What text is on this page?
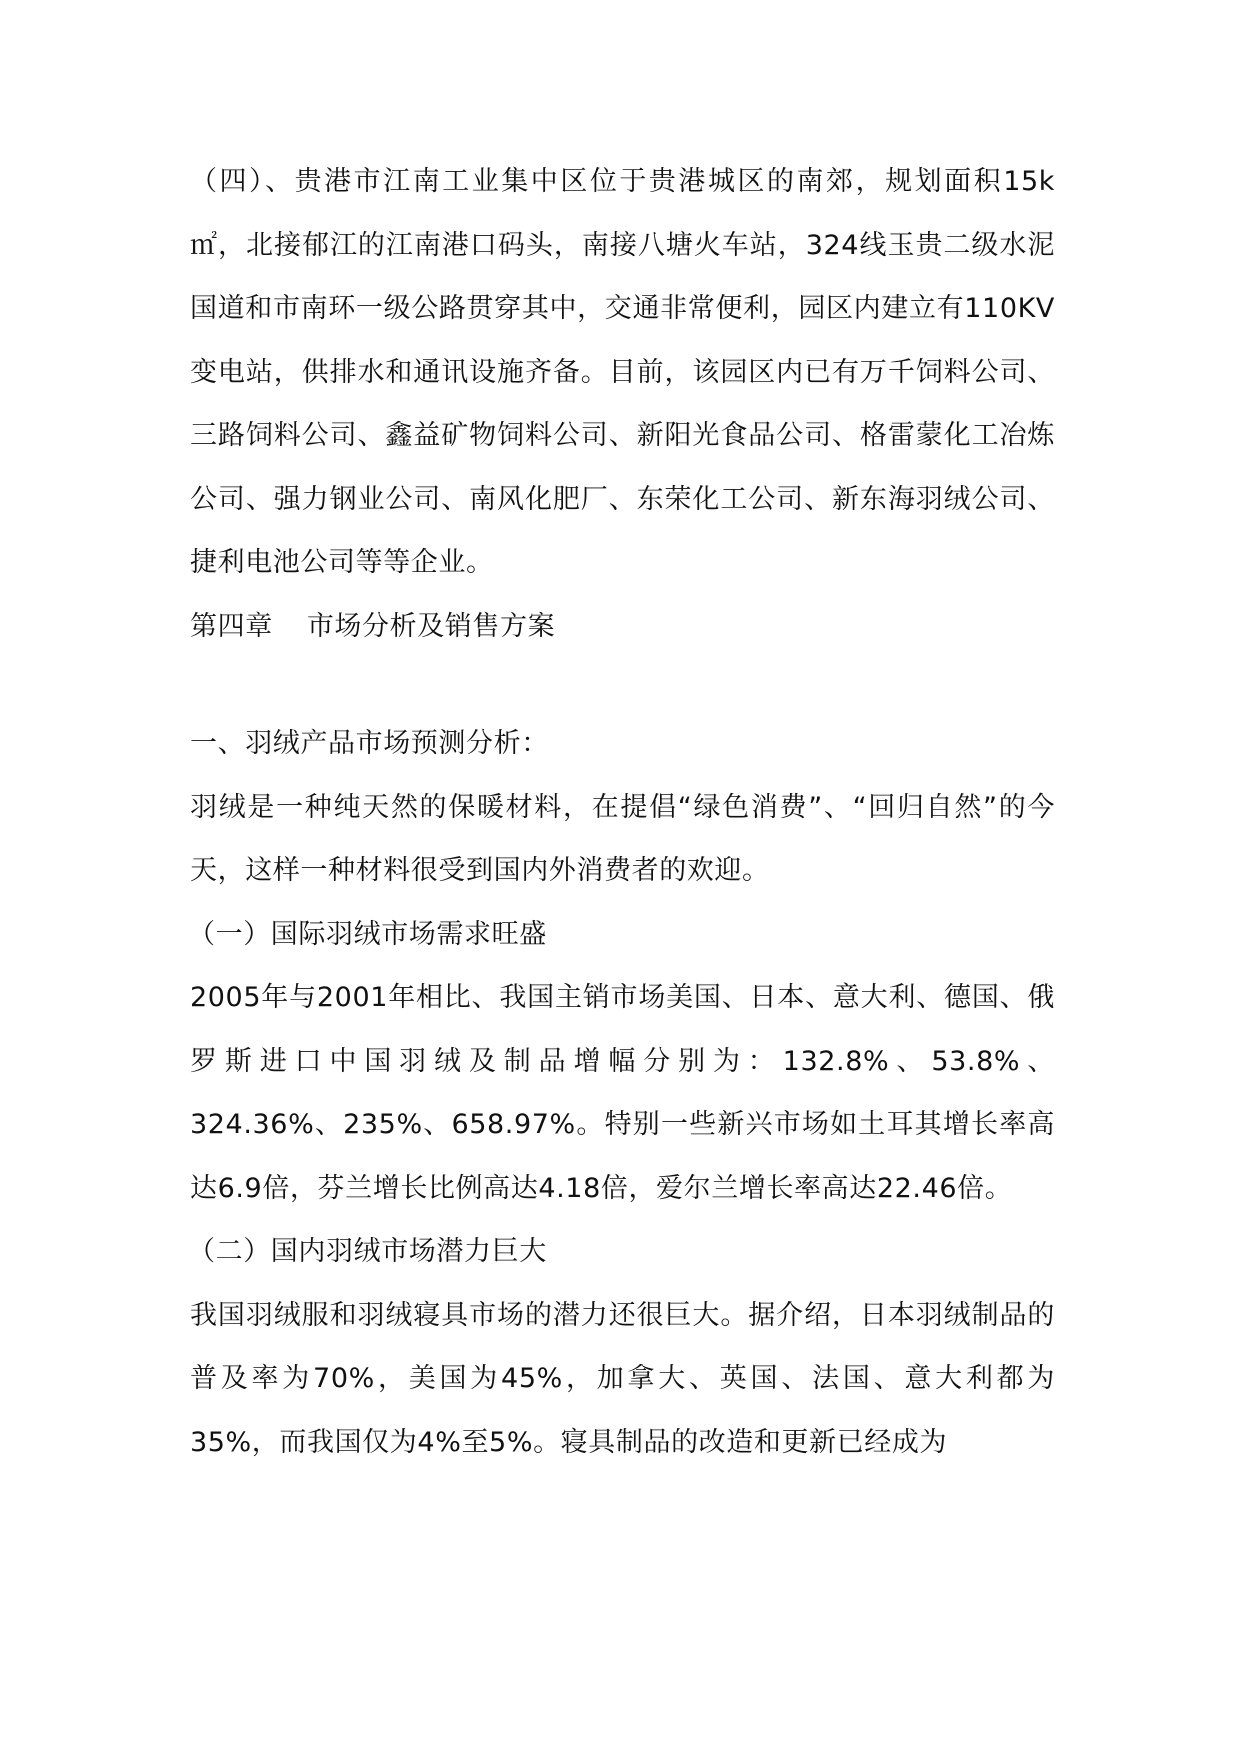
（四）、贵港市江南工业集中区位于贵港城区的南郊，规划面积15k㎡，北接郁江的江南港口码头，南接八塘火车站，324线玉贵二级水泥国道和市南环一级公路贯穿其中，交通非常便利，园区内建立有110KV变电站，供排水和通讯设施齐备。目前，该园区内已有万千饲料公司、三路饲料公司、鑫益矿物饲料公司、新阳光食品公司、格雷蒙化工冶炼公司、强力钢业公司、南风化肥厂、东荣化工公司、新东海羽绒公司、捷利电池公司等等企业。

第四章 市场分析及销售方案

一、羽绒产品市场预测分析：

羽绒是一种纯天然的保暖材料，在提倡“绿色消费”、“回归自然”的今天，这样一种材料很受到国内外消费者的欢迎。

（一）国际羽绒市场需求旺盛

2005年与2001年相比、我国主销市场美国、日本、意大利、德国、俄罗斯进口中国羽绒及制品增幅分别为：132.8%、53.8%、324.36%、235%、658.97%。特别一些新兴市场如土耳其增长率高达6.9倍，芬兰增长比例高达4.18倍，爱尔兰增长率高达22.46倍。

（二）国内羽绒市场潜力巨大

我国羽绒服和羽绒寝具市场的潜力还很巨大。据介绍，日本羽绒制品的普及率为70%，美国为45%，加拿大、英国、法国、意大利都为35%，而我国仅为4%至5%。寝具制品的改造和更新已经成为
